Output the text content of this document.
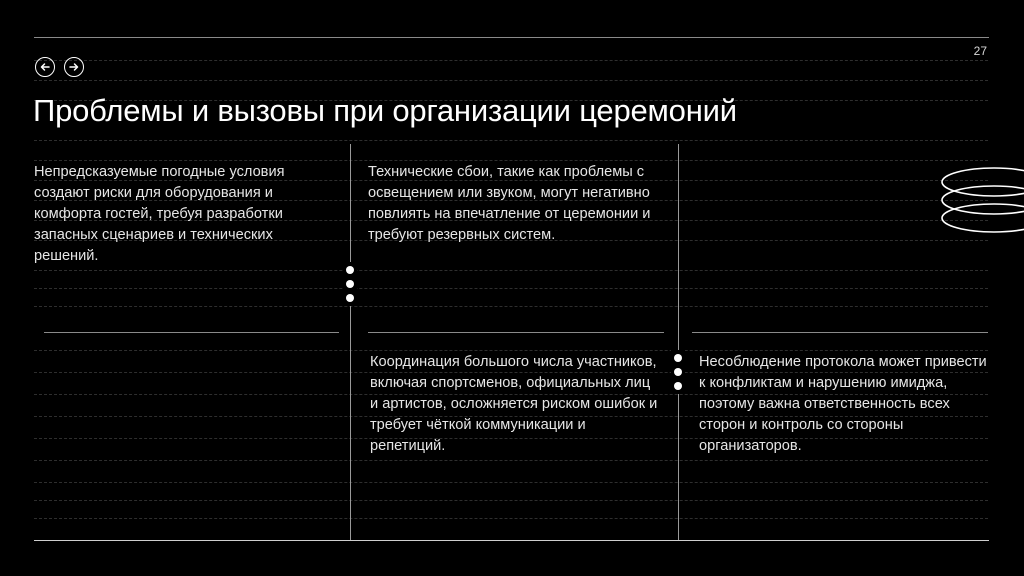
27
Проблемы и вызовы при организации церемоний

Непредсказуемые погодные условия создают риски для оборудования и комфорта гостей, требуя разработки запасных сценариев и технических решений.

Технические сбои, такие как проблемы с освещением или звуком, могут негативно повлиять на впечатление от церемонии и требуют резервных систем.

Координация большого числа участников, включая спортсменов, официальных лиц и артистов, осложняется риском ошибок и требует чёткой коммуникации и репетиций.

Несоблюдение протокола может привести к конфликтам и нарушению имиджа, поэтому важна ответственность всех сторон и контроль со стороны организаторов.
